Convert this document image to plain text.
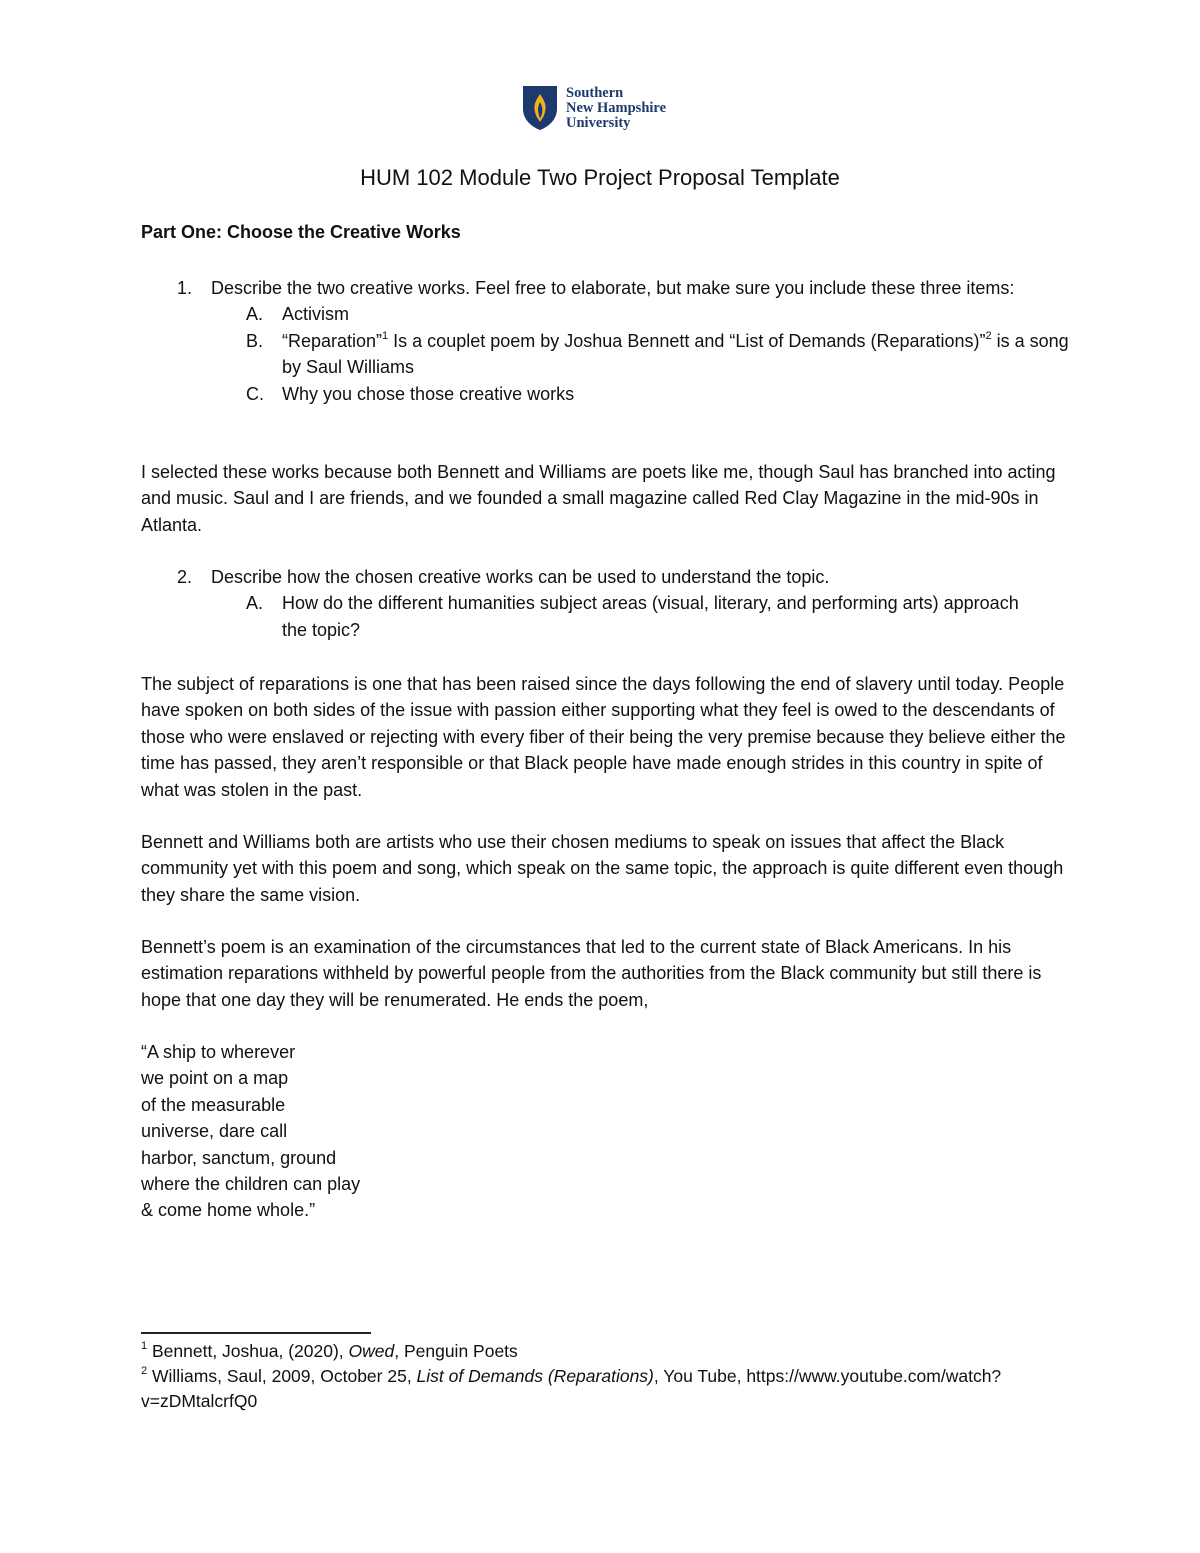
Southern
New Hampshire
University
HUM 102 Module Two Project Proposal Template
Part One: Choose the Creative Works
1. Describe the two creative works. Feel free to elaborate, but make sure you include these three items:
A. Activism
B. “Reparation”$^1$ Is a couplet poem by Joshua Bennett and “List of Demands (Reparations)”$^2$ is a song by Saul Williams
C. Why you chose those creative works

I selected these works because both Bennett and Williams are poets like me, though Saul has branched into acting and music. Saul and I are friends, and we founded a small magazine called Red Clay Magazine in the mid-90s in Atlanta.

2. Describe how the chosen creative works can be used to understand the topic.
A. How do the different humanities subject areas (visual, literary, and performing arts) approach the topic?

The subject of reparations is one that has been raised since the days following the end of slavery until today. People have spoken on both sides of the issue with passion either supporting what they feel is owed to the descendants of those who were enslaved or rejecting with every fiber of their being the very premise because they believe either the time has passed, they aren’t responsible or that Black people have made enough strides in this country in spite of what was stolen in the past.

Bennett and Williams both are artists who use their chosen mediums to speak on issues that affect the Black community yet with this poem and song, which speak on the same topic, the approach is quite different even though they share the same vision.

Bennett’s poem is an examination of the circumstances that led to the current state of Black Americans. In his estimation reparations withheld by powerful people from the authorities from the Black community but still there is hope that one day they will be renumerated. He ends the poem,

“A ship to wherever
we point on a map
of the measurable
universe, dare call
harbor, sanctum, ground
where the children can play
& come home whole.”

$^1$ Bennett, Joshua, (2020), Owed, Penguin Poets

$^2$ Williams, Saul, 2009, October 25, List of Demands (Reparations), You Tube, https://www.youtube.com/watch?v=zDMtalcrfQ0
